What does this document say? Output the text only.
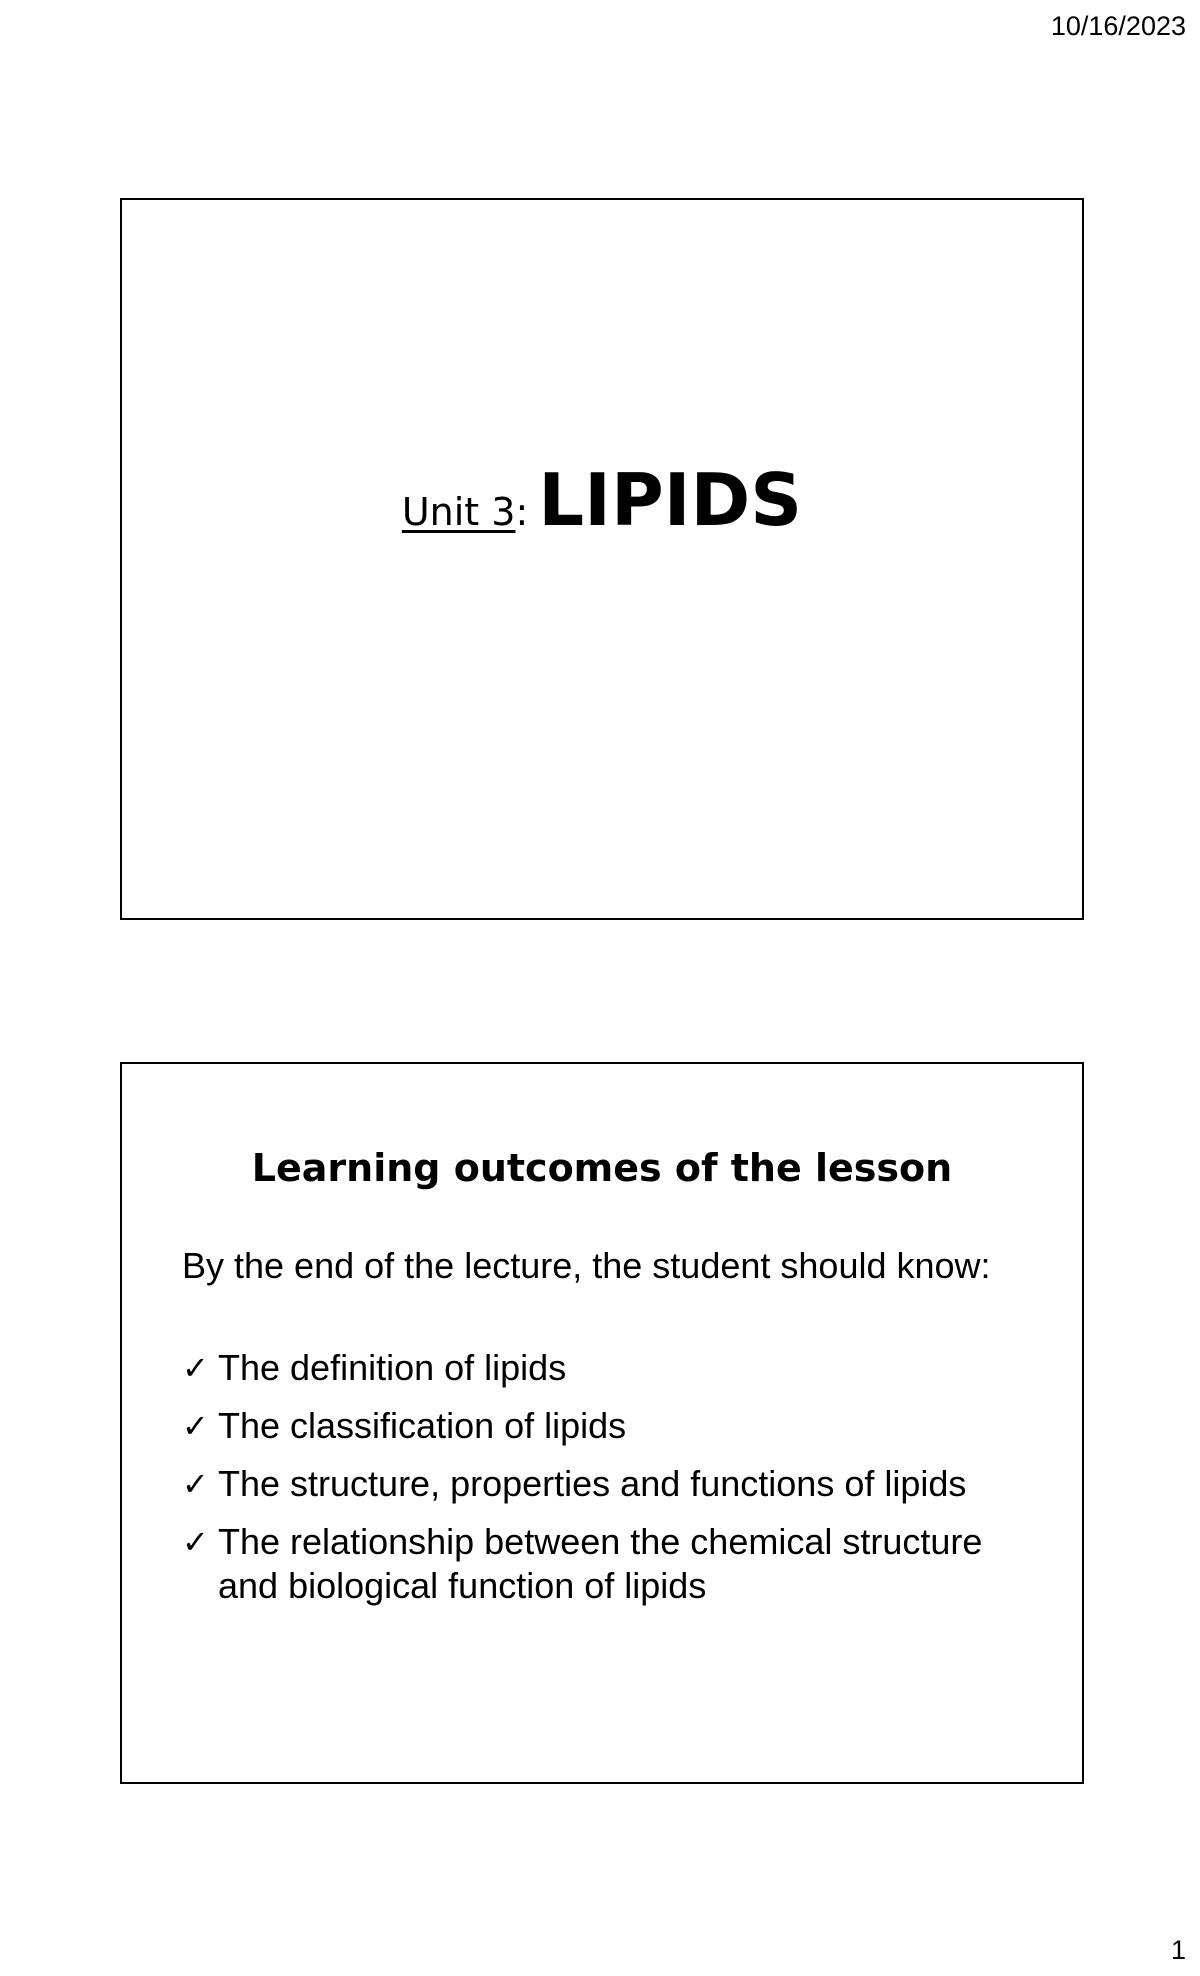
10/16/2023
Unit 3: LIPIDS
Learning outcomes of the lesson
By the end of the lecture, the student should know:
✓ The definition of lipids
✓ The classification of lipids
✓ The structure, properties and functions of lipids
✓ The relationship between the chemical structure and biological function of lipids
1
